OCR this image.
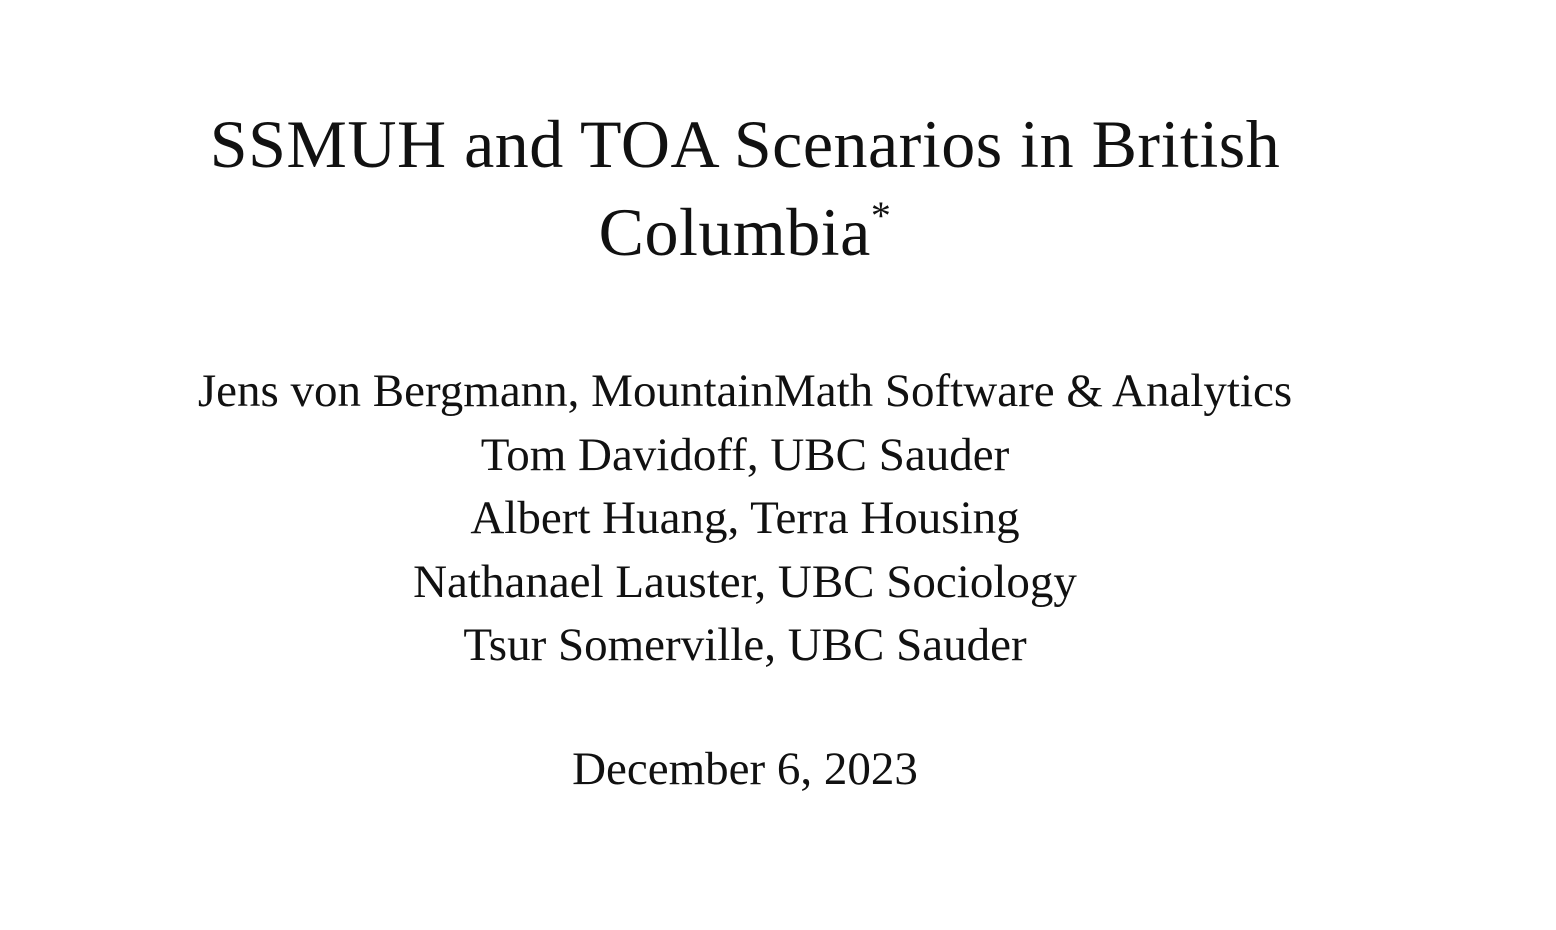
SSMUH and TOA Scenarios in British
Columbia*
Jens von Bergmann, MountainMath Software & Analytics
Tom Davidoff, UBC Sauder
Albert Huang, Terra Housing
Nathanael Lauster, UBC Sociology
Tsur Somerville, UBC Sauder
December 6, 2023
